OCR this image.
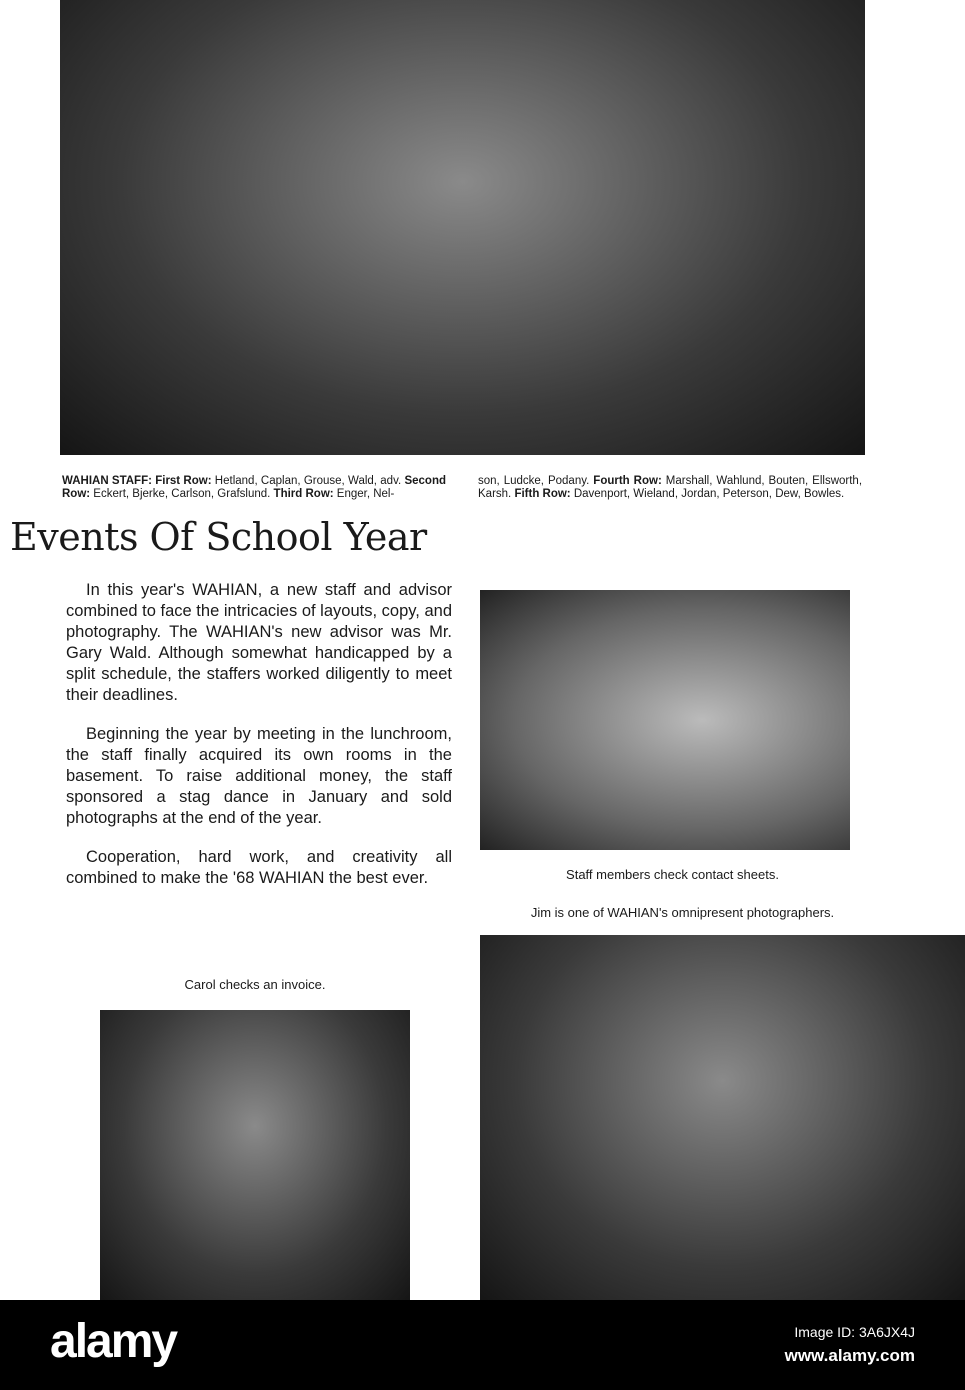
WAHIAN STAFF: First Row: Hetland, Caplan, Grouse, Wald, adv. Second Row: Eckert, Bjerke, Carlson, Grafslund. Third Row: Enger, Nel-
son, Ludcke, Podany. Fourth Row: Marshall, Wahlund, Bouten, Ellsworth, Karsh. Fifth Row: Davenport, Wieland, Jordan, Peterson, Dew, Bowles.
Events Of School Year

In this year's WAHIAN, a new staff and advisor combined to face the intricacies of layouts, copy, and photography. The WAHIAN's new advisor was Mr. Gary Wald. Although somewhat handicapped by a split schedule, the staffers worked diligently to meet their deadlines.

Beginning the year by meeting in the lunchroom, the staff finally acquired its own rooms in the basement. To raise additional money, the staff sponsored a stag dance in January and sold photographs at the end of the year.

Cooperation, hard work, and creativity all combined to make the '68 WAHIAN the best ever.

Carol checks an invoice.
Staff members check contact sheets.
Jim is one of WAHIAN's omnipresent photographers.
alamy	Image ID: 3A6JX4J
www.alamy.com
